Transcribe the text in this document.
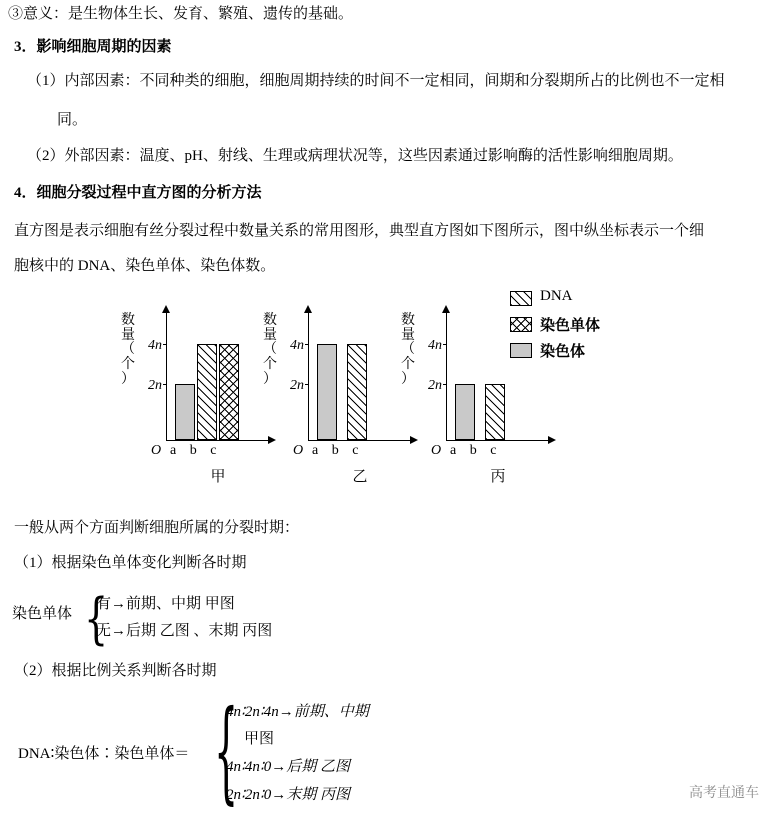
③意义：是生物体生长、发育、繁殖、遗传的基础。
3．影响细胞周期的因素
（1）内部因素：不同种类的细胞，细胞周期持续的时间不一定相同，间期和分裂期所占的比例也不一定相
同。
（2）外部因素：温度、pH、射线、生理或病理状况等，这些因素通过影响酶的活性影响细胞周期。
4．细胞分裂过程中直方图的分析方法
直方图是表示细胞有丝分裂过程中数量关系的常用图形，典型直方图如下图所示，图中纵坐标表示一个细
胞核中的 DNA、染色单体、染色体数。
数
量
（
个
）
4n
2n
O a b c
甲
数
量
（
个
）
4n
2n
O a b c
乙
数
量
（
个
）
4n
2n
O a b c
丙
DNA
染色单体
染色体
一般从两个方面判断细胞所属的分裂时期：
（1）根据染色单体变化判断各时期
染色单体 {
有→前期、中期 甲图
无→后期 乙图 、末期 丙图
（2）根据比例关系判断各时期
DNA∶染色体∶染色单体＝ {
4n∶2n∶4n→前期、中期
甲图
4n∶4n∶0→后期 乙图
2n∶2n∶0→末期 丙图	高考直通车
